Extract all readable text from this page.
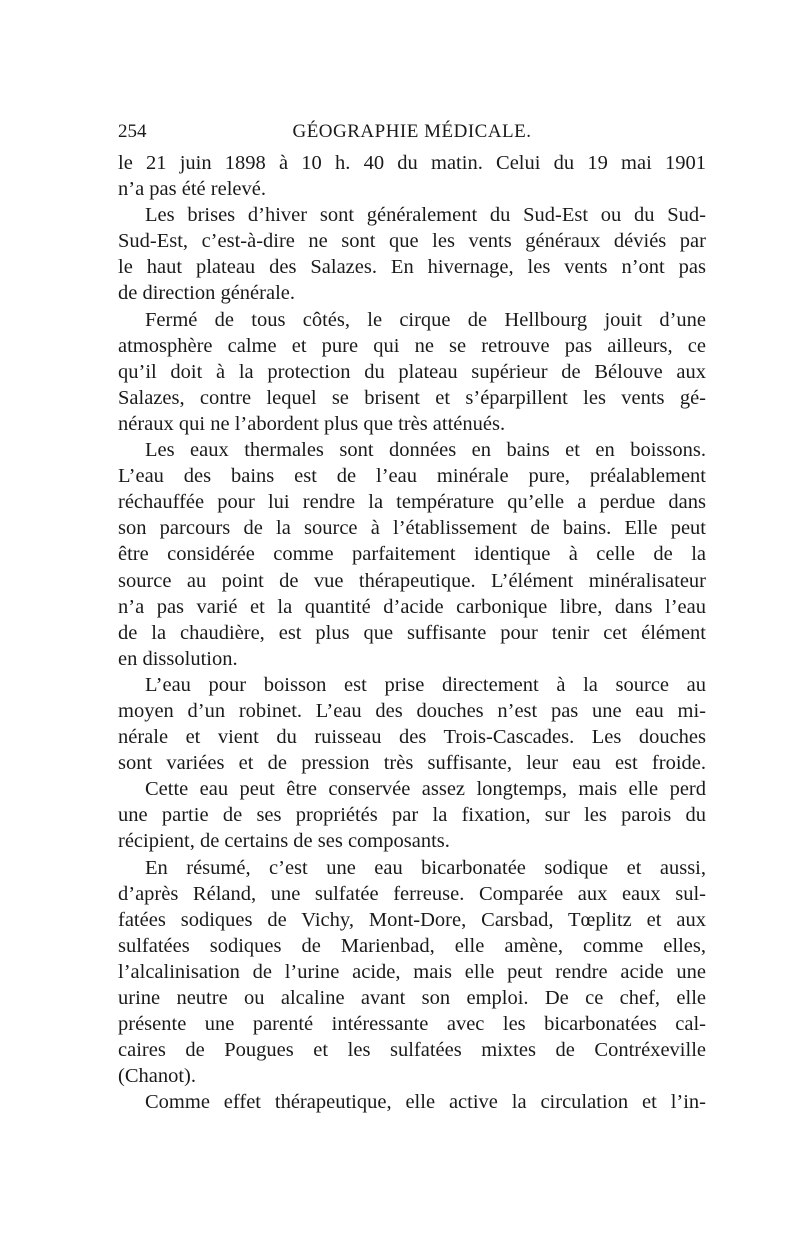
254	GÉOGRAPHIE MÉDICALE.
le 21 juin 1898 à 10 h. 40 du matin. Celui du 19 mai 1901
n’a pas été relevé.
Les brises d’hiver sont généralement du Sud-Est ou du Sud-
Sud-Est, c’est-à-dire ne sont que les vents généraux déviés par
le haut plateau des Salazes. En hivernage, les vents n’ont pas
de direction générale.
Fermé de tous côtés, le cirque de Hellbourg jouit d’une
atmosphère calme et pure qui ne se retrouve pas ailleurs, ce
qu’il doit à la protection du plateau supérieur de Bélouve aux
Salazes, contre lequel se brisent et s’éparpillent les vents gé-
néraux qui ne l’abordent plus que très atténués.
Les eaux thermales sont données en bains et en boissons.
L’eau des bains est de l’eau minérale pure, préalablement
réchauffée pour lui rendre la température qu’elle a perdue dans
son parcours de la source à l’établissement de bains. Elle peut
être considérée comme parfaitement identique à celle de la
source au point de vue thérapeutique. L’élément minéralisateur
n’a pas varié et la quantité d’acide carbonique libre, dans l’eau
de la chaudière, est plus que suffisante pour tenir cet élément
en dissolution.
L’eau pour boisson est prise directement à la source au
moyen d’un robinet. L’eau des douches n’est pas une eau mi-
nérale et vient du ruisseau des Trois-Cascades. Les douches
sont variées et de pression très suffisante, leur eau est froide.
Cette eau peut être conservée assez longtemps, mais elle perd
une partie de ses propriétés par la fixation, sur les parois du
récipient, de certains de ses composants.
En résumé, c’est une eau bicarbonatée sodique et aussi,
d’après Réland, une sulfatée ferreuse. Comparée aux eaux sul-
fatées sodiques de Vichy, Mont-Dore, Carsbad, Tœplitz et aux
sulfatées sodiques de Marienbad, elle amène, comme elles,
l’alcalinisation de l’urine acide, mais elle peut rendre acide une
urine neutre ou alcaline avant son emploi. De ce chef, elle
présente une parenté intéressante avec les bicarbonatées cal-
caires de Pougues et les sulfatées mixtes de Contréxeville
(Chanot).
Comme effet thérapeutique, elle active la circulation et l’in-
